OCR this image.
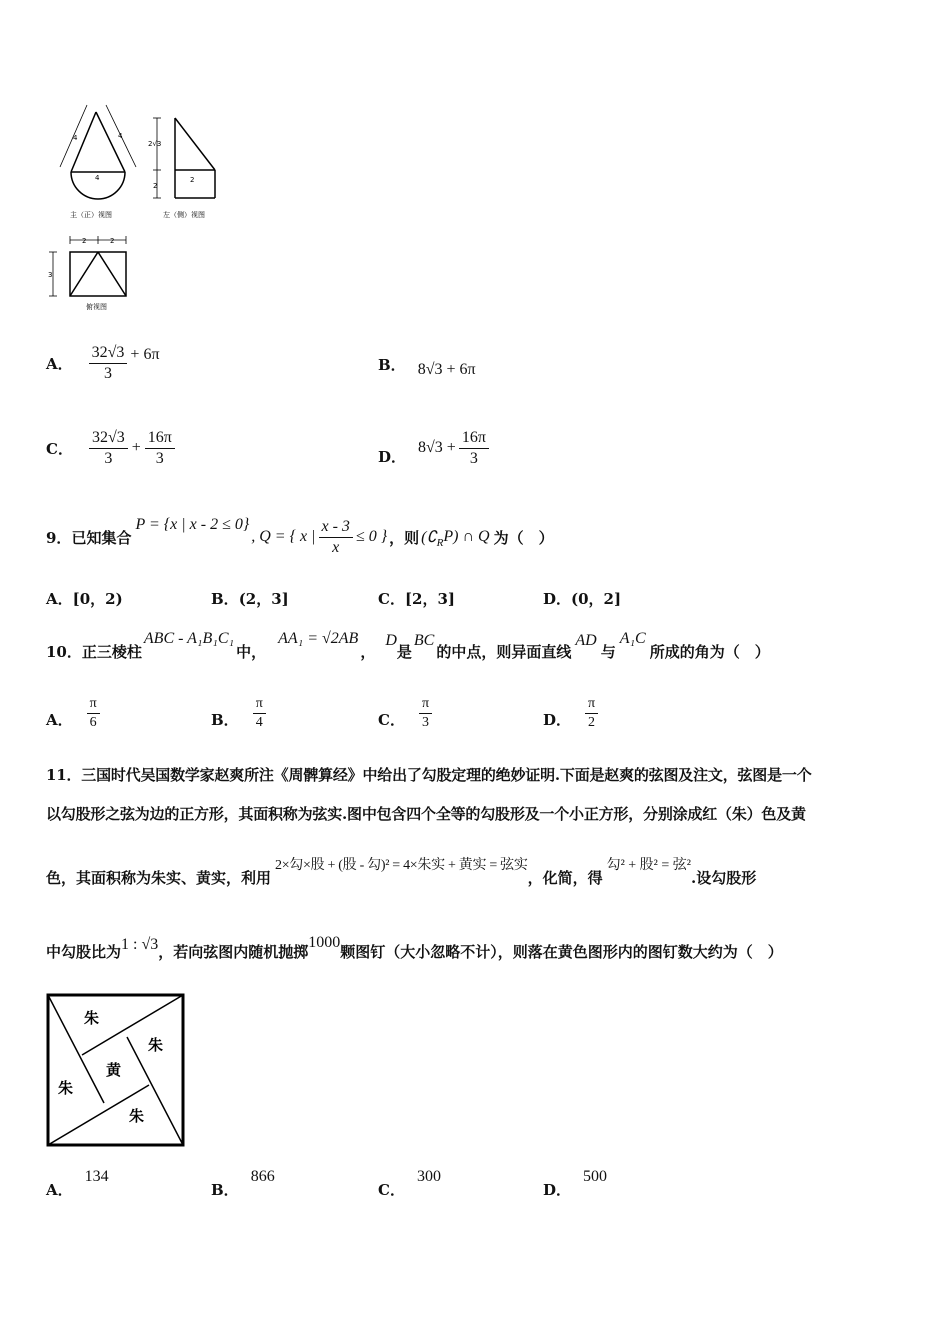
4	4
4
主（正）视图
2√3
2
2
左（侧）视图
2	2
3
俯视图
A． $\frac{32√3}{3} + 6\pi$
B． 8√3 + 6π
C． $\frac{32√3}{3} + \frac{16\pi}{3}$	D． $8√3 + \frac{16\pi}{3}$
9． 已知集合
P = {x | x - 2 ≤ 0}
, Q = { x | $\frac{x - 3}{x} \le 0$ } ，则 (∁ R P) ∩ Q 为（　）
A．[0，2)	B．(2，3]	C．[2，3]	D．(0，2]
10． 正三棱柱
ABC - A₁B₁C₁
中，
AA₁ = √2AB
，
D
是
BC
的中点，则异面直线
AD
与
A₁C
所成的角为（　）
A． $\frac{\pi}{6}$	B． $\frac{\pi}{4}$	C． $\frac{\pi}{3}$	D． $\frac{\pi}{2}$
11．三国时代吴国数学家赵爽所注《周髀算经》中给出了勾股定理的绝妙证明.下面是赵爽的弦图及注文，弦图是一个
以勾股形之弦为边的正方形，其面积称为弦实.图中包含四个全等的勾股形及一个小正方形，分别涂成红（朱）色及黄
色，其面积称为朱实、黄实，利用
2×勾×股 + (股 - 勾)² = 4×朱实 + 黄实 = 弦实
，化简，得
勾² + 股² = 弦²
.设勾股形
中勾股比为 1 : √3 ，若向弦图内随机抛掷
1000
颗图钉（大小忽略不计），则落在黄色图形内的图钉数大约为（　）
朱
朱
黄
朱
朱
A．
134
B．
866
C．
300
D．
500
